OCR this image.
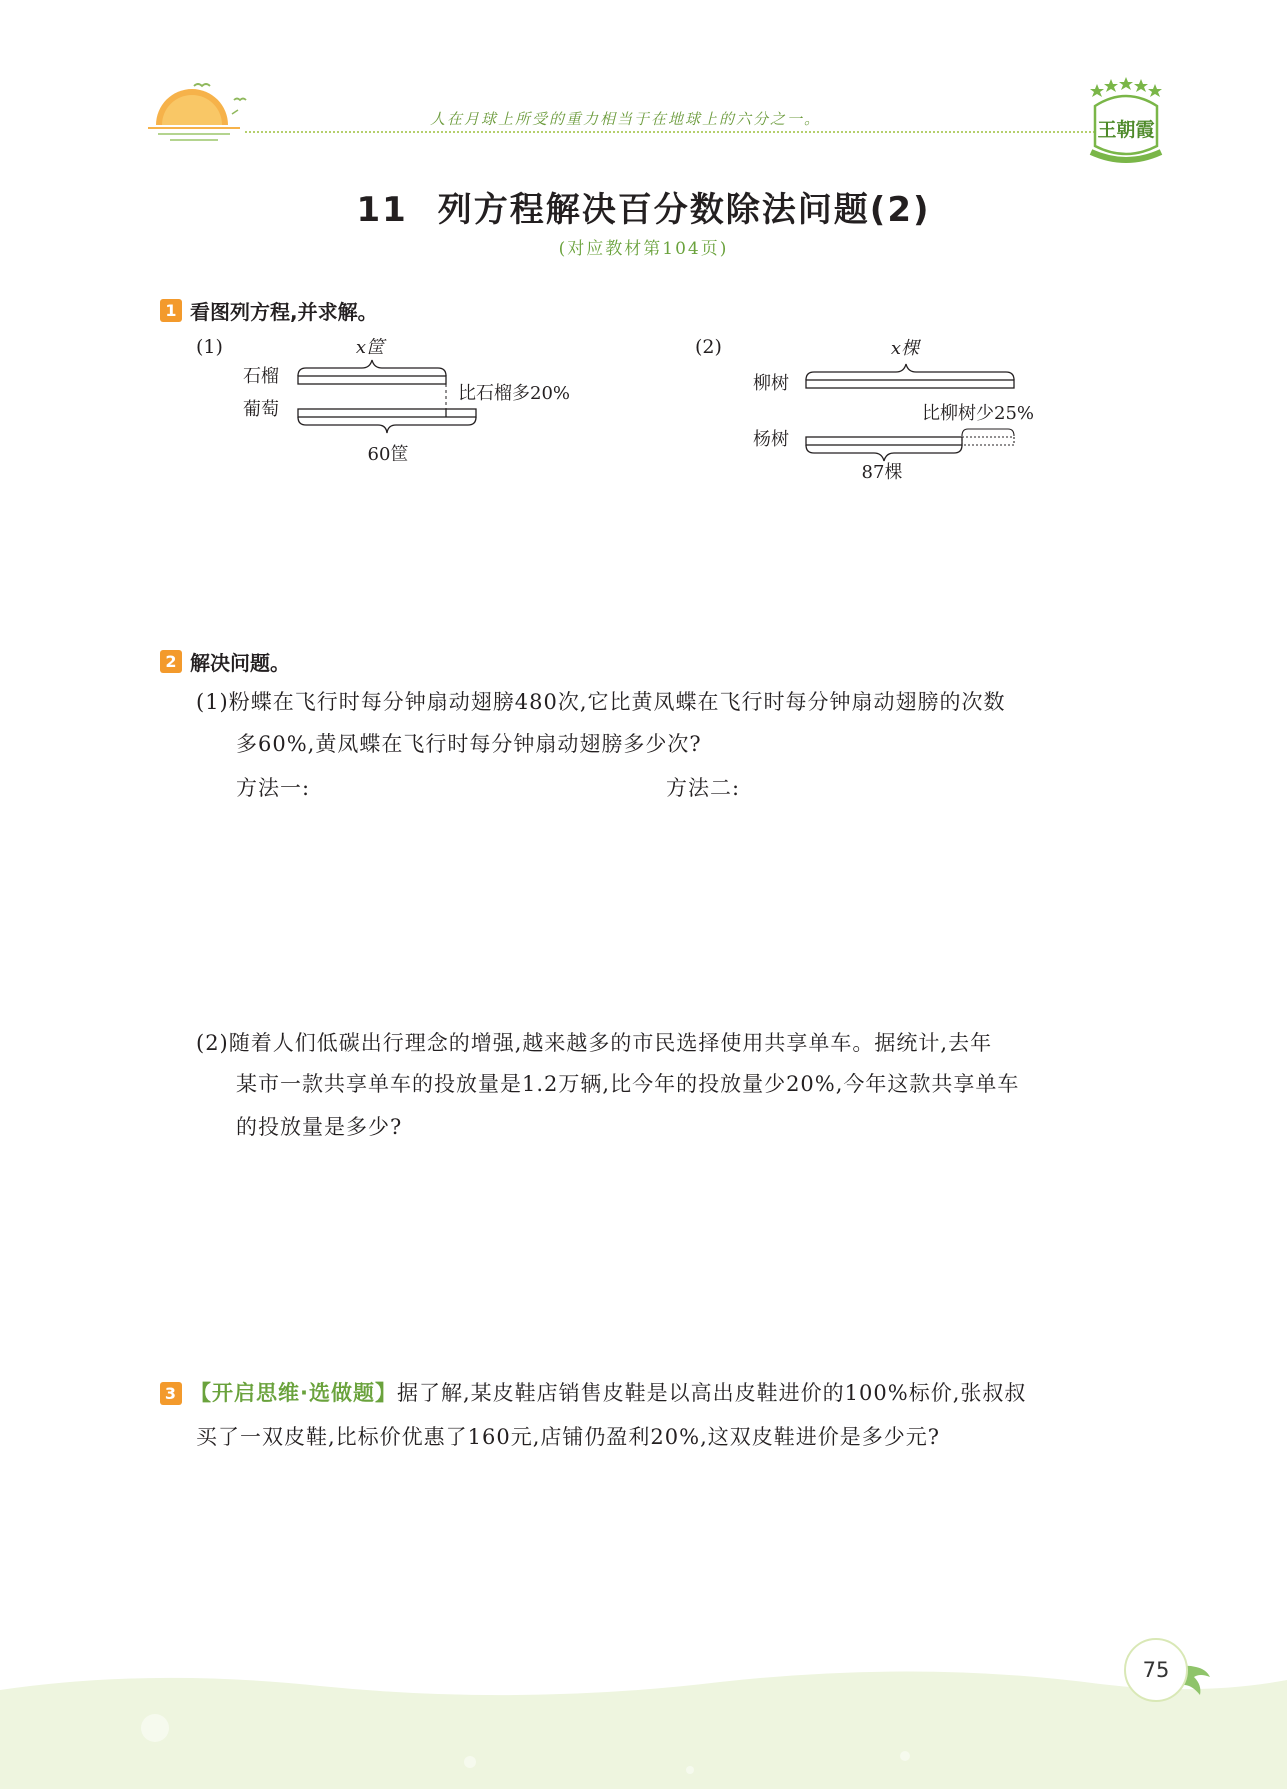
人在月球上所受的重力相当于在地球上的六分之一。	王朝霞
11 列方程解决百分数除法问题(2)
(对应教材第104页)
1 看图列方程,并求解。
(1)	x筐
石榴
比石榴多20%
葡萄
60筐
(2)	x棵
柳树
比柳树少25%
杨树
87棵
2 解决问题。
(1)粉蝶在飞行时每分钟扇动翅膀480次,它比黄凤蝶在飞行时每分钟扇动翅膀的次数
多60%,黄凤蝶在飞行时每分钟扇动翅膀多少次?
方法一:	方法二:
(2)随着人们低碳出行理念的增强,越来越多的市民选择使用共享单车。据统计,去年
某市一款共享单车的投放量是1.2万辆,比今年的投放量少20%,今年这款共享单车
的投放量是多少?
3 【开启思维·选做题】 据了解,某皮鞋店销售皮鞋是以高出皮鞋进价的100%标价,张叔叔
买了一双皮鞋,比标价优惠了160元,店铺仍盈利20%,这双皮鞋进价是多少元?
75
